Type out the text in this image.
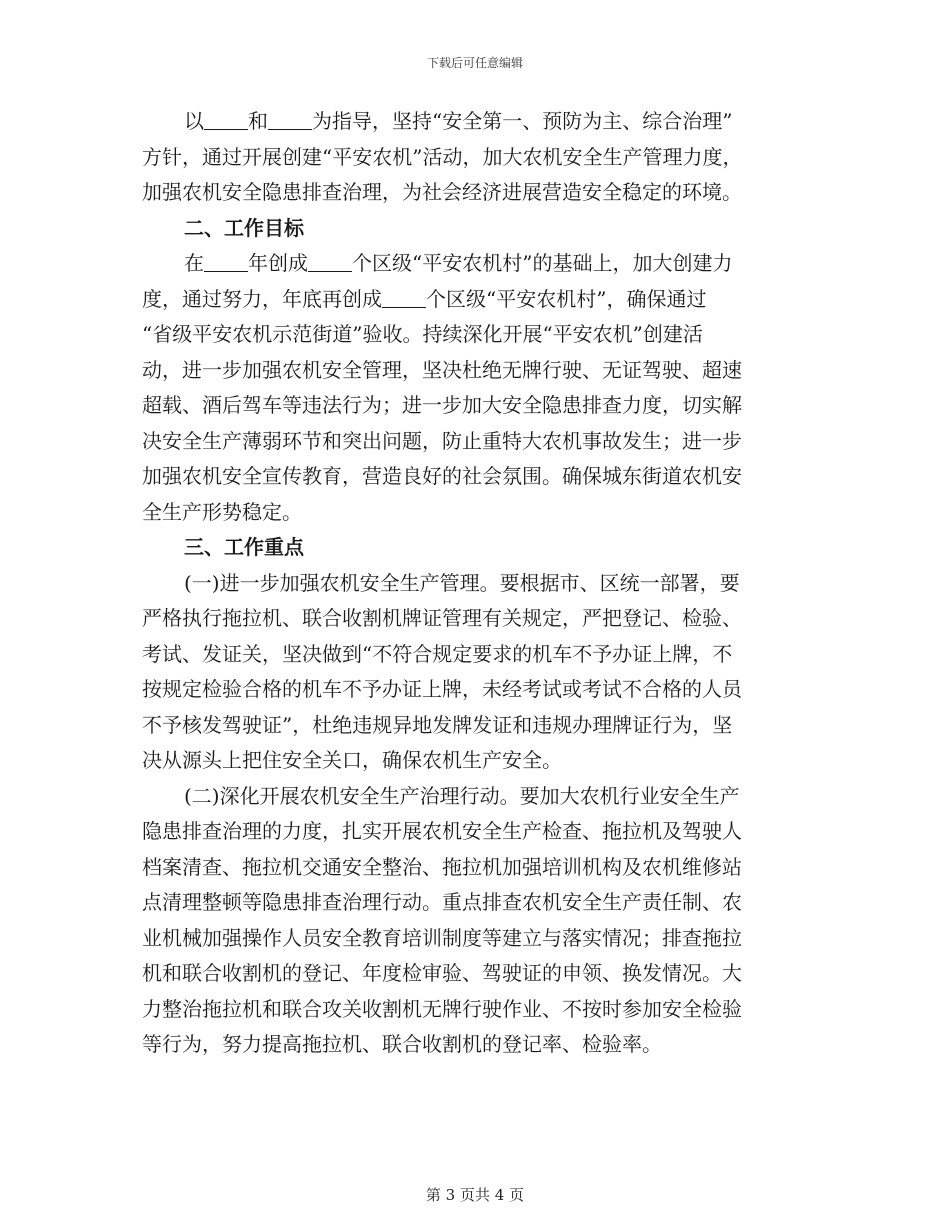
下载后可任意编辑
以 和 为指导，坚持“安全第一、预防为主、综合治理”
方针，通过开展创建“平安农机”活动，加大农机安全生产管理力度，
加强农机安全隐患排查治理，为社会经济进展营造安全稳定的环境。
二、工作目标
在 年创成 个区级“平安农机村”的基础上，加大创建力
度，通过努力，年底再创成 个区级“平安农机村”，确保通过
“省级平安农机示范街道”验收。持续深化开展“平安农机”创建活
动，进一步加强农机安全管理，坚决杜绝无牌行驶、无证驾驶、超速
超载、酒后驾车等违法行为；进一步加大安全隐患排查力度，切实解
决安全生产薄弱环节和突出问题，防止重特大农机事故发生；进一步
加强农机安全宣传教育，营造良好的社会氛围。确保城东街道农机安
全生产形势稳定。
三、工作重点
(一)进一步加强农机安全生产管理。要根据市、区统一部署，要
严格执行拖拉机、联合收割机牌证管理有关规定，严把登记、检验、
考试、发证关，坚决做到“不符合规定要求的机车不予办证上牌，不
按规定检验合格的机车不予办证上牌，未经考试或考试不合格的人员
不予核发驾驶证”，杜绝违规异地发牌发证和违规办理牌证行为，坚
决从源头上把住安全关口，确保农机生产安全。
(二)深化开展农机安全生产治理行动。要加大农机行业安全生产
隐患排查治理的力度，扎实开展农机安全生产检查、拖拉机及驾驶人
档案清查、拖拉机交通安全整治、拖拉机加强培训机构及农机维修站
点清理整顿等隐患排查治理行动。重点排查农机安全生产责任制、农
业机械加强操作人员安全教育培训制度等建立与落实情况；排查拖拉
机和联合收割机的登记、年度检审验、驾驶证的申领、换发情况。大
力整治拖拉机和联合攻关收割机无牌行驶作业、不按时参加安全检验
等行为，努力提高拖拉机、联合收割机的登记率、检验率。
第 3 页共 4 页
